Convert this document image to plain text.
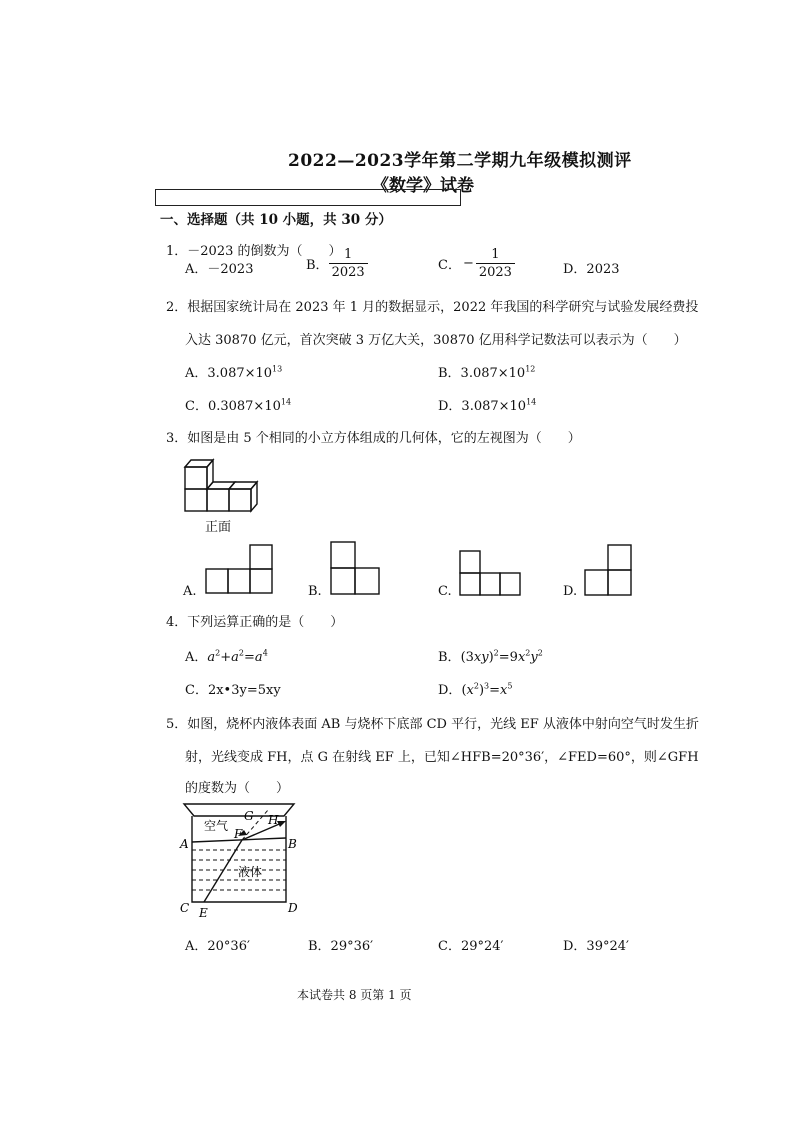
2022—2023学年第二学期九年级模拟测评
《数学》试卷
一、选择题（共 10 小题，共 30 分）
1．－2023 的倒数为（　　）
A．－2023	B． $\frac{1}{2023}$	C． − $\frac{1}{2023}$	D．2023
2．根据国家统计局在 2023 年 1 月的数据显示，2022 年我国的科学研究与试验发展经费投
入达 30870 亿元，首次突破 3 万亿大关，30870 亿用科学记数法可以表示为（　　）
A．$3.087\times 10^{13}$	B．$3.087\times 10^{12}$
C．$0.3087\times 10^{14}$	D．$3.087\times 10^{14}$
3．如图是由 5 个相同的小立方体组成的几何体，它的左视图为（　　）
正面
A.	B.	C.	D.
4．下列运算正确的是（　　）
A．$a^2+a^2=a^4$	B．$(3xy)^2=9x^2y^2$
C．2x•3y=5xy	D．$(x^2)^3=x^5$
5．如图，烧杯内液体表面 AB 与烧杯下底部 CD 平行，光线 EF 从液体中射向空气时发生折
射，光线变成 FH，点 G 在射线 EF 上，已知∠HFB=20°36′，∠FED=60°，则∠GFH
的度数为（　　）
空气
液体
A	B
C	D
E
F
G H
A．20°36′	B．29°36′	C．29°24′	D．39°24′
本试卷共 8 页第 1 页
